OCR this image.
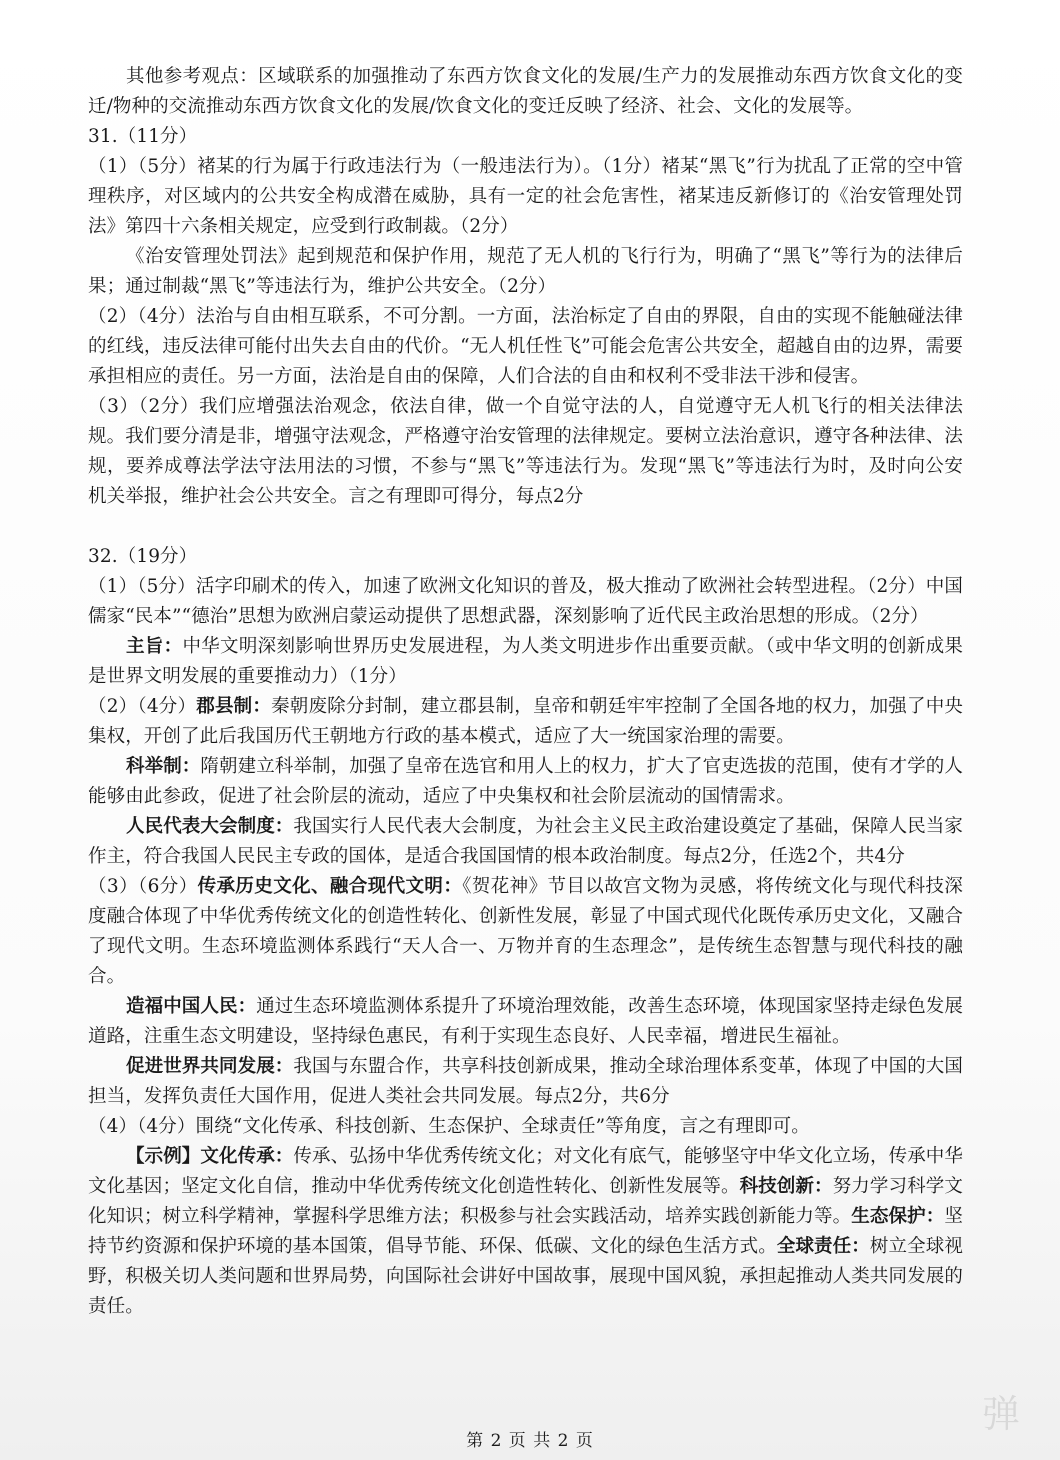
其他参考观点：区域联系的加强推动了东西方饮食文化的发展/生产力的发展推动东西方饮食文化的变迁/物种的交流推动东西方饮食文化的发展/饮食文化的变迁反映了经济、社会、文化的发展等。

31.（11分）

（1）（5分）褚某的行为属于行政违法行为（一般违法行为）。（1分）褚某“黑飞”行为扰乱了正常的空中管理秩序，对区域内的公共安全构成潜在威胁，具有一定的社会危害性，褚某违反新修订的《治安管理处罚法》第四十六条相关规定，应受到行政制裁。（2分）

《治安管理处罚法》起到规范和保护作用，规范了无人机的飞行行为，明确了“黑飞”等行为的法律后果；通过制裁“黑飞”等违法行为，维护公共安全。（2分）

（2）（4分）法治与自由相互联系，不可分割。一方面，法治标定了自由的界限，自由的实现不能触碰法律的红线，违反法律可能付出失去自由的代价。“无人机任性飞”可能会危害公共安全，超越自由的边界，需要承担相应的责任。另一方面，法治是自由的保障，人们合法的自由和权利不受非法干涉和侵害。

（3）（2分）我们应增强法治观念，依法自律，做一个自觉守法的人，自觉遵守无人机飞行的相关法律法规。我们要分清是非，增强守法观念，严格遵守治安管理的法律规定。要树立法治意识，遵守各种法律、法规，要养成尊法学法守法用法的习惯，不参与“黑飞”等违法行为。发现“黑飞”等违法行为时，及时向公安机关举报，维护社会公共安全。言之有理即可得分，每点2分

32.（19分）

（1）（5分）活字印刷术的传入，加速了欧洲文化知识的普及，极大推动了欧洲社会转型进程。（2分）中国儒家“民本”“德治”思想为欧洲启蒙运动提供了思想武器，深刻影响了近代民主政治思想的形成。（2分）

主旨：中华文明深刻影响世界历史发展进程，为人类文明进步作出重要贡献。（或中华文明的创新成果是世界文明发展的重要推动力）（1分）

（2）（4分）郡县制：秦朝废除分封制，建立郡县制，皇帝和朝廷牢牢控制了全国各地的权力，加强了中央集权，开创了此后我国历代王朝地方行政的基本模式，适应了大一统国家治理的需要。

科举制：隋朝建立科举制，加强了皇帝在选官和用人上的权力，扩大了官吏选拔的范围，使有才学的人能够由此参政，促进了社会阶层的流动，适应了中央集权和社会阶层流动的国情需求。

人民代表大会制度：我国实行人民代表大会制度，为社会主义民主政治建设奠定了基础，保障人民当家作主，符合我国人民民主专政的国体，是适合我国国情的根本政治制度。每点2分，任选2个，共4分

（3）（6分）传承历史文化、融合现代文明：《贺花神》节目以故宫文物为灵感，将传统文化与现代科技深度融合体现了中华优秀传统文化的创造性转化、创新性发展，彰显了中国式现代化既传承历史文化，又融合了现代文明。生态环境监测体系践行“天人合一、万物并育的生态理念”，是传统生态智慧与现代科技的融合。

造福中国人民：通过生态环境监测体系提升了环境治理效能，改善生态环境，体现国家坚持走绿色发展道路，注重生态文明建设，坚持绿色惠民，有利于实现生态良好、人民幸福，增进民生福祉。

促进世界共同发展：我国与东盟合作，共享科技创新成果，推动全球治理体系变革，体现了中国的大国担当，发挥负责任大国作用，促进人类社会共同发展。每点2分，共6分

（4）（4分）围绕“文化传承、科技创新、生态保护、全球责任”等角度，言之有理即可。

【示例】文化传承：传承、弘扬中华优秀传统文化；对文化有底气，能够坚守中华文化立场，传承中华文化基因；坚定文化自信，推动中华优秀传统文化创造性转化、创新性发展等。科技创新：努力学习科学文化知识；树立科学精神，掌握科学思维方法；积极参与社会实践活动，培养实践创新能力等。生态保护：坚持节约资源和保护环境的基本国策，倡导节能、环保、低碳、文化的绿色生活方式。全球责任：树立全球视野，积极关切人类问题和世界局势，向国际社会讲好中国故事，展现中国风貌，承担起推动人类共同发展的责任。

第 2 页 共 2 页
弹
